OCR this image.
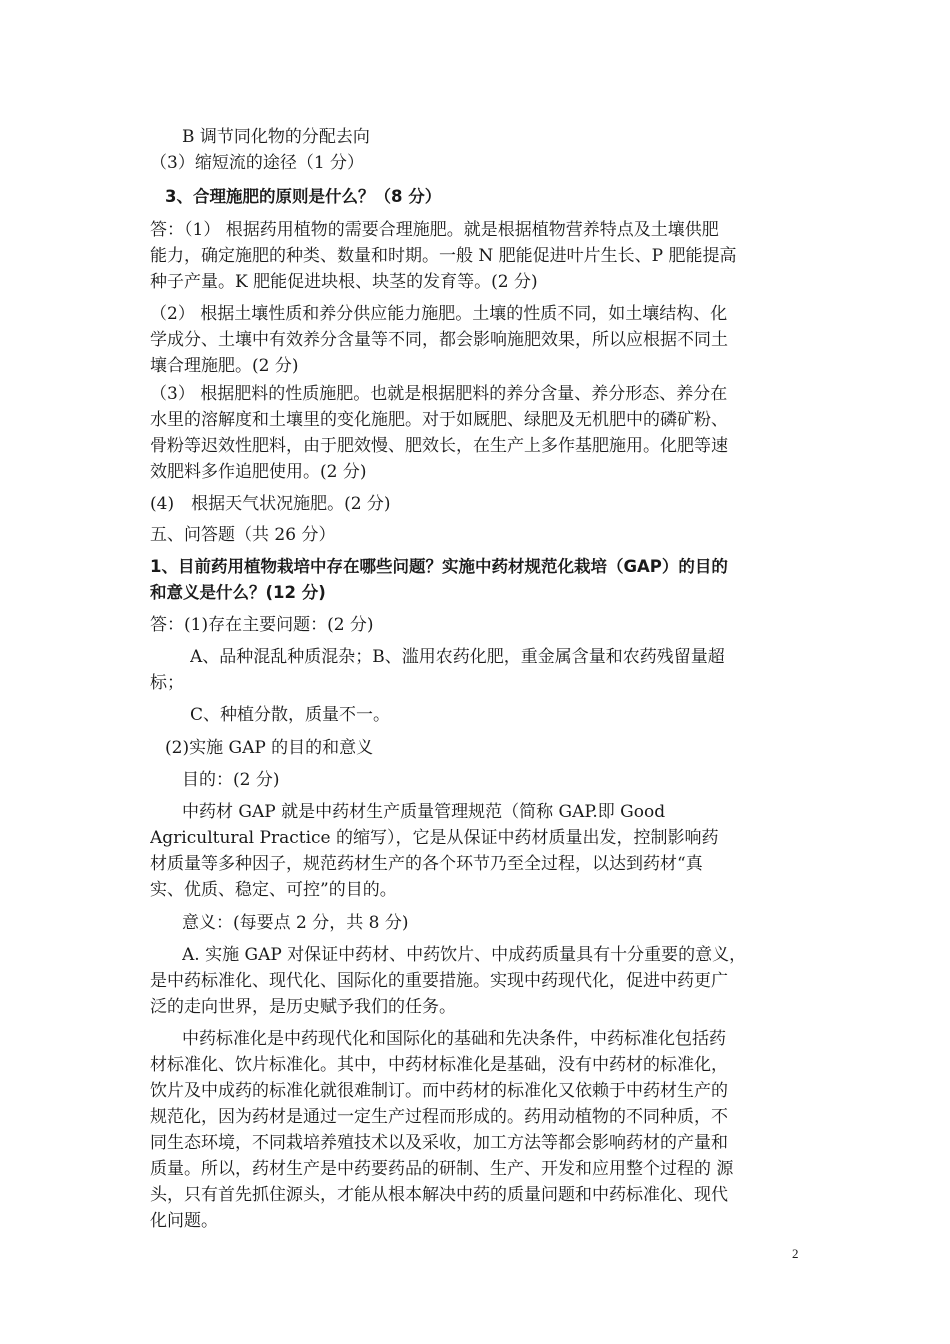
B 调节同化物的分配去向
（3）缩短流的途径（1 分）
3、合理施肥的原则是什么？（8 分）
答：（1） 根据药用植物的需要合理施肥。就是根据植物营养特点及土壤供肥
能力，确定施肥的种类、数量和时期。一般 N 肥能促进叶片生长、P 肥能提高
种子产量。K 肥能促进块根、块茎的发育等。(2 分)
（2） 根据土壤性质和养分供应能力施肥。土壤的性质不同，如土壤结构、化
学成分、土壤中有效养分含量等不同，都会影响施肥效果，所以应根据不同土
壤合理施肥。(2 分)
（3） 根据肥料的性质施肥。也就是根据肥料的养分含量、养分形态、养分在
水里的溶解度和土壤里的变化施肥。对于如厩肥、绿肥及无机肥中的磷矿粉、
骨粉等迟效性肥料，由于肥效慢、肥效长，在生产上多作基肥施用。化肥等速
效肥料多作追肥使用。(2 分)
(4)　根据天气状况施肥。(2 分)
五、问答题（共 26 分）
1、目前药用植物栽培中存在哪些问题？实施中药材规范化栽培（GAP）的目的
和意义是什么？(12 分)
答：(1)存在主要问题：(2 分)
A、品种混乱种质混杂；B、滥用农药化肥，重金属含量和农药残留量超
标；
C、种植分散，质量不一。
(2)实施 GAP 的目的和意义
目的：(2 分)
中药材 GAP 就是中药材生产质量管理规范（简称 GAP.即 Good
Agricultural Practice 的缩写），它是从保证中药材质量出发，控制影响药
材质量等多种因子，规范药材生产的各个环节乃至全过程，以达到药材“真
实、优质、稳定、可控”的目的。
意义：(每要点 2 分，共 8 分)
A. 实施 GAP 对保证中药材、中药饮片、中成药质量具有十分重要的意义，
是中药标准化、现代化、国际化的重要措施。实现中药现代化，促进中药更广
泛的走向世界，是历史赋予我们的任务。
中药标准化是中药现代化和国际化的基础和先决条件，中药标准化包括药
材标准化、饮片标准化。其中，中药材标准化是基础，没有中药材的标准化，
饮片及中成药的标准化就很难制订。而中药材的标准化又依赖于中药材生产的
规范化，因为药材是通过一定生产过程而形成的。药用动植物的不同种质，不
同生态环境，不同栽培养殖技术以及采收，加工方法等都会影响药材的产量和
质量。所以，药材生产是中药要药品的研制、生产、开发和应用整个过程的 源
头，只有首先抓住源头，才能从根本解决中药的质量问题和中药标准化、现代
化问题。
2
